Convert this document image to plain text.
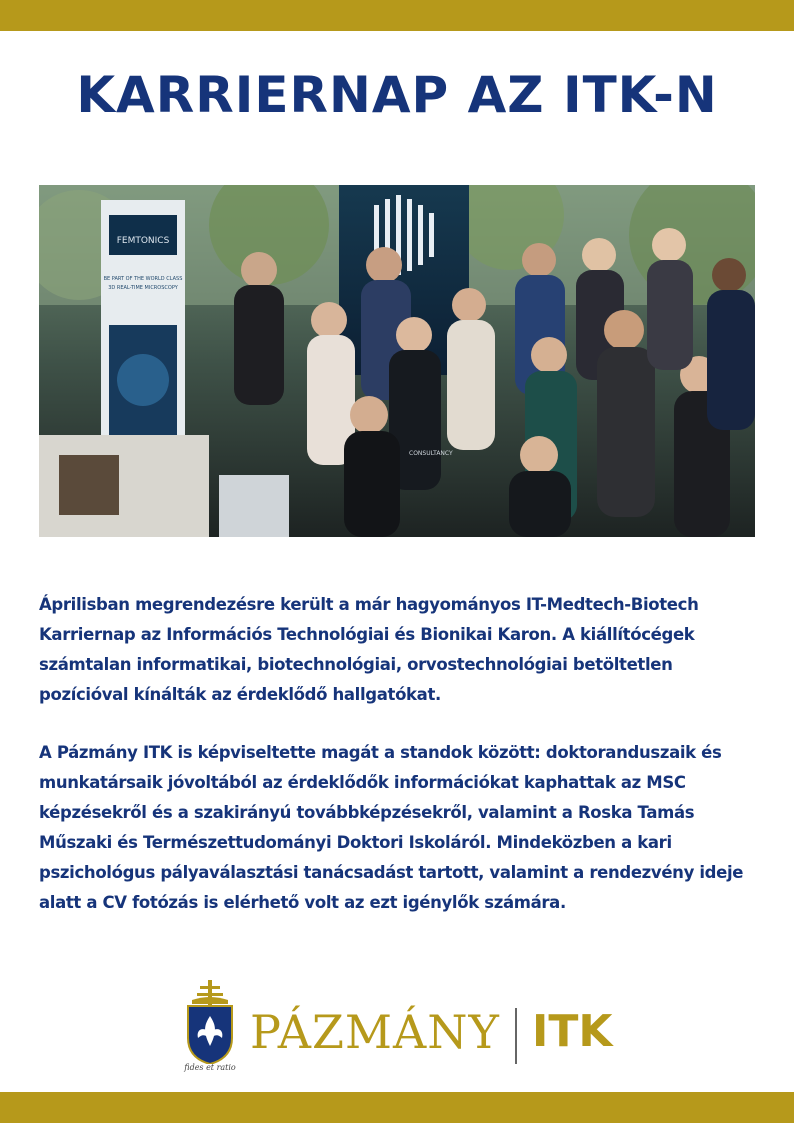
KARRIERNAP AZ ITK-N
FEMTONICS
BE PART OF THE WORLD CLASS
3D REAL-TIME MICROSCOPY
CONSULTANCY

Áprilisban megrendezésre került a már hagyományos IT-Medtech-Biotech Karriernap az Információs Technológiai és Bionikai Karon. A kiállítócégek számtalan informatikai, biotechnológiai, orvostechnológiai betöltetlen pozícióval kínálták az érdeklődő hallgatókat.

A Pázmány ITK is képviseltette magát a standok között: doktoranduszaik és munkatársaik jóvoltából az érdeklődők információkat kaphattak az MSC képzésekről és a szakirányú továbbképzésekről, valamint a Roska Tamás Műszaki és Természettudományi Doktori Iskoláról. Mindeközben a kari pszichológus pályaválasztási tanácsadást tartott, valamint a rendezvény ideje alatt a CV fotózás is elérhető volt az ezt igénylők számára.

fides et ratio
PÁZMÁNY ITK
